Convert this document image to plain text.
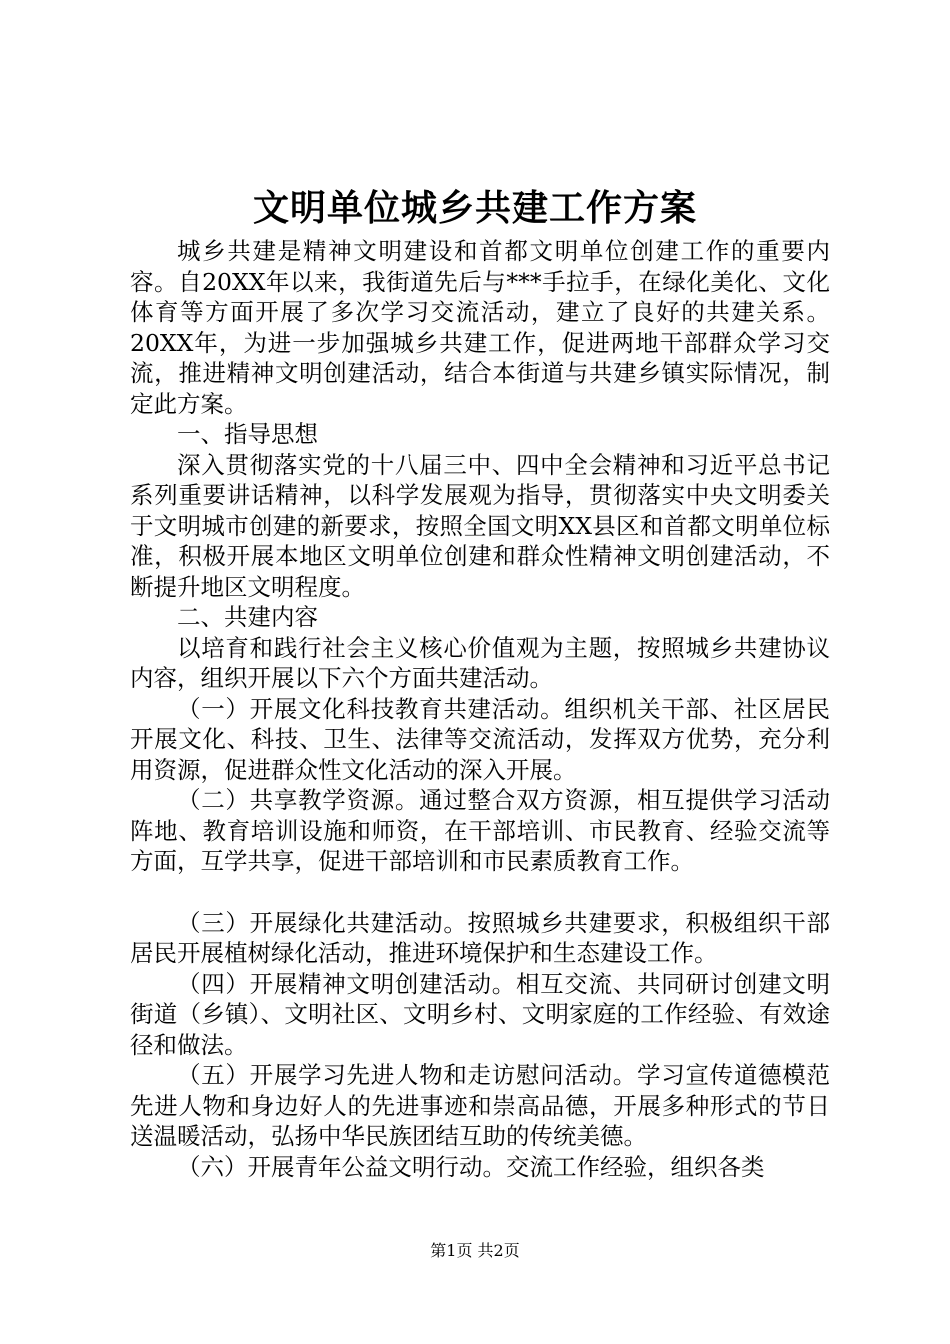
文明单位城乡共建工作方案

城乡共建是精神文明建设和首都文明单位创建工作的重要内容。自20XX年以来，我街道先后与***手拉手，在绿化美化、文化体育等方面开展了多次学习交流活动，建立了良好的共建关系。20XX年，为进一步加强城乡共建工作，促进两地干部群众学习交流，推进精神文明创建活动，结合本街道与共建乡镇实际情况，制定此方案。

一、指导思想

深入贯彻落实党的十八届三中、四中全会精神和习近平总书记系列重要讲话精神，以科学发展观为指导，贯彻落实中央文明委关于文明城市创建的新要求，按照全国文明XX县区和首都文明单位标准，积极开展本地区文明单位创建和群众性精神文明创建活动，不断提升地区文明程度。

二、共建内容

以培育和践行社会主义核心价值观为主题，按照城乡共建协议内容，组织开展以下六个方面共建活动。

（一）开展文化科技教育共建活动。组织机关干部、社区居民开展文化、科技、卫生、法律等交流活动，发挥双方优势，充分利用资源，促进群众性文化活动的深入开展。

（二）共享教学资源。通过整合双方资源，相互提供学习活动阵地、教育培训设施和师资，在干部培训、市民教育、经验交流等方面，互学共享，促进干部培训和市民素质教育工作。

（三）开展绿化共建活动。按照城乡共建要求，积极组织干部居民开展植树绿化活动，推进环境保护和生态建设工作。

（四）开展精神文明创建活动。相互交流、共同研讨创建文明街道（乡镇）、文明社区、文明乡村、文明家庭的工作经验、有效途径和做法。

（五）开展学习先进人物和走访慰问活动。学习宣传道德模范先进人物和身边好人的先进事迹和崇高品德，开展多种形式的节日送温暖活动，弘扬中华民族团结互助的传统美德。

（六）开展青年公益文明行动。交流工作经验，组织各类

第1页 共2页
